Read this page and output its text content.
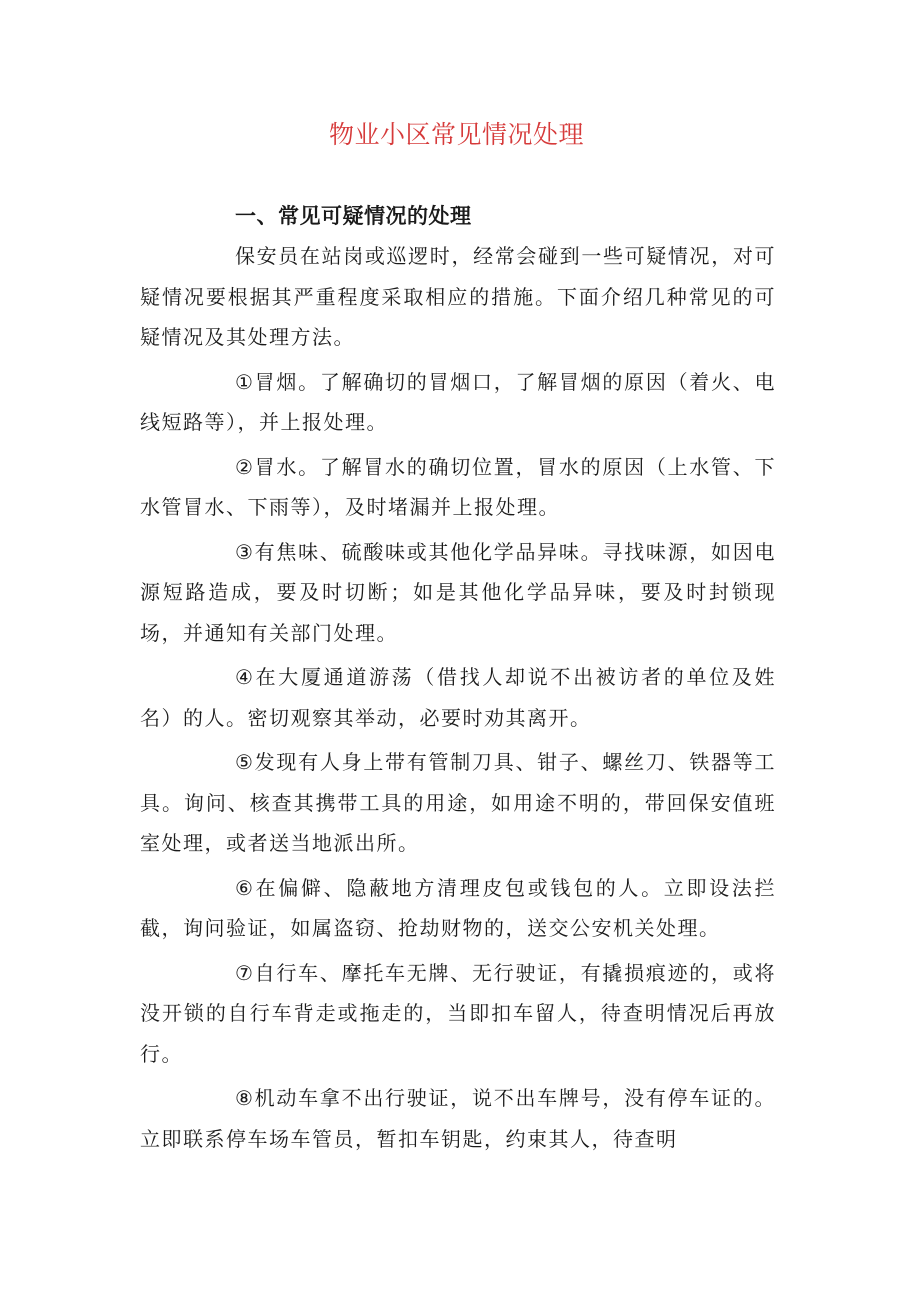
物业小区常见情况处理
一、常见可疑情况的处理

保安员在站岗或巡逻时，经常会碰到一些可疑情况，对可疑情况要根据其严重程度采取相应的措施。下面介绍几种常见的可疑情况及其处理方法。

①冒烟。了解确切的冒烟口，了解冒烟的原因（着火、电线短路等），并上报处理。

②冒水。了解冒水的确切位置，冒水的原因（上水管、下水管冒水、下雨等），及时堵漏并上报处理。

③有焦味、硫酸味或其他化学品异味。寻找味源，如因电源短路造成，要及时切断；如是其他化学品异味，要及时封锁现场，并通知有关部门处理。

④在大厦通道游荡（借找人却说不出被访者的单位及姓名）的人。密切观察其举动，必要时劝其离开。

⑤发现有人身上带有管制刀具、钳子、螺丝刀、铁器等工具。询问、核查其携带工具的用途，如用途不明的，带回保安值班室处理，或者送当地派出所。

⑥在偏僻、隐蔽地方清理皮包或钱包的人。立即设法拦截，询问验证，如属盗窃、抢劫财物的，送交公安机关处理。

⑦自行车、摩托车无牌、无行驶证，有撬损痕迹的，或将没开锁的自行车背走或拖走的，当即扣车留人，待查明情况后再放行。

⑧机动车拿不出行驶证，说不出车牌号，没有停车证的。立即联系停车场车管员，暂扣车钥匙，约束其人，待查明
